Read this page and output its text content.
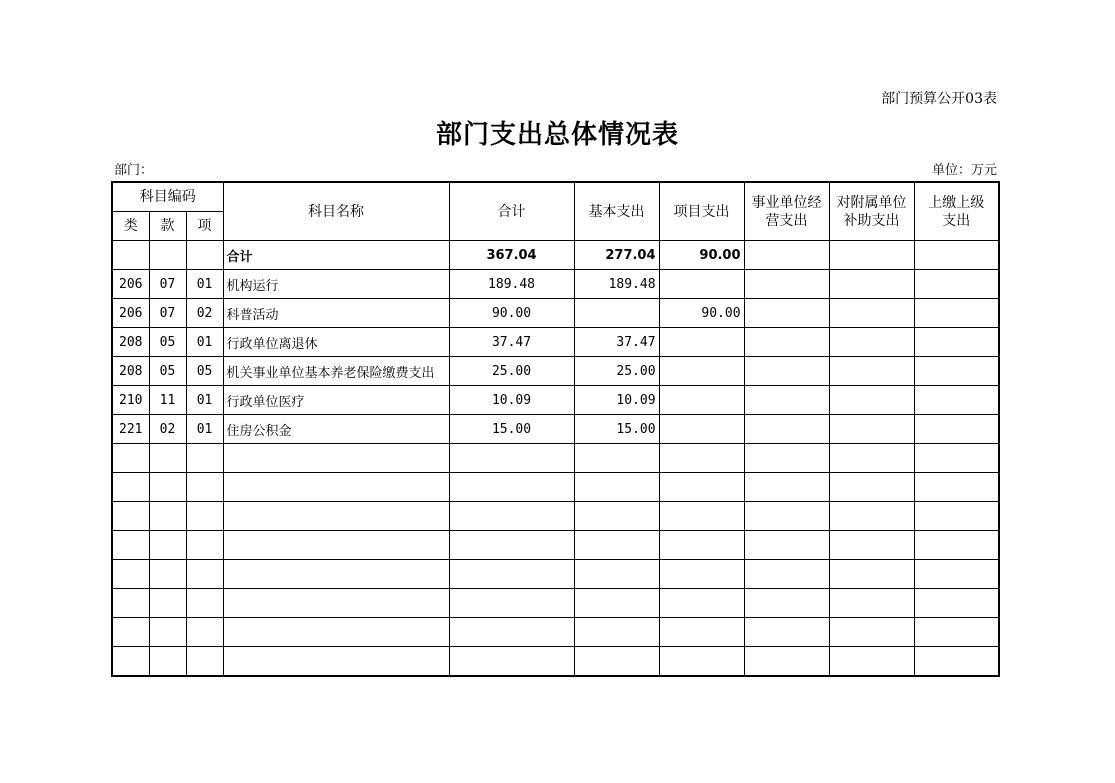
部门预算公开03表
部门支出总体情况表
部门：	单位：万元
科目编码			科目名称	合计	基本支出	项目支出	事业单位经营支出	对附属单位补助支出	上缴上级支出
类	款	项							
			合计	367.04	277.04	90.00			
206	07	01	机构运行	189.48	189.48				
206	07	02	科普活动	90.00		90.00			
208	05	01	行政单位离退休	37.47	37.47				
208	05	05	机关事业单位基本养老保险缴费支出	25.00	25.00				
210	11	01	行政单位医疗	10.09	10.09				
221	02	01	住房公积金	15.00	15.00				
